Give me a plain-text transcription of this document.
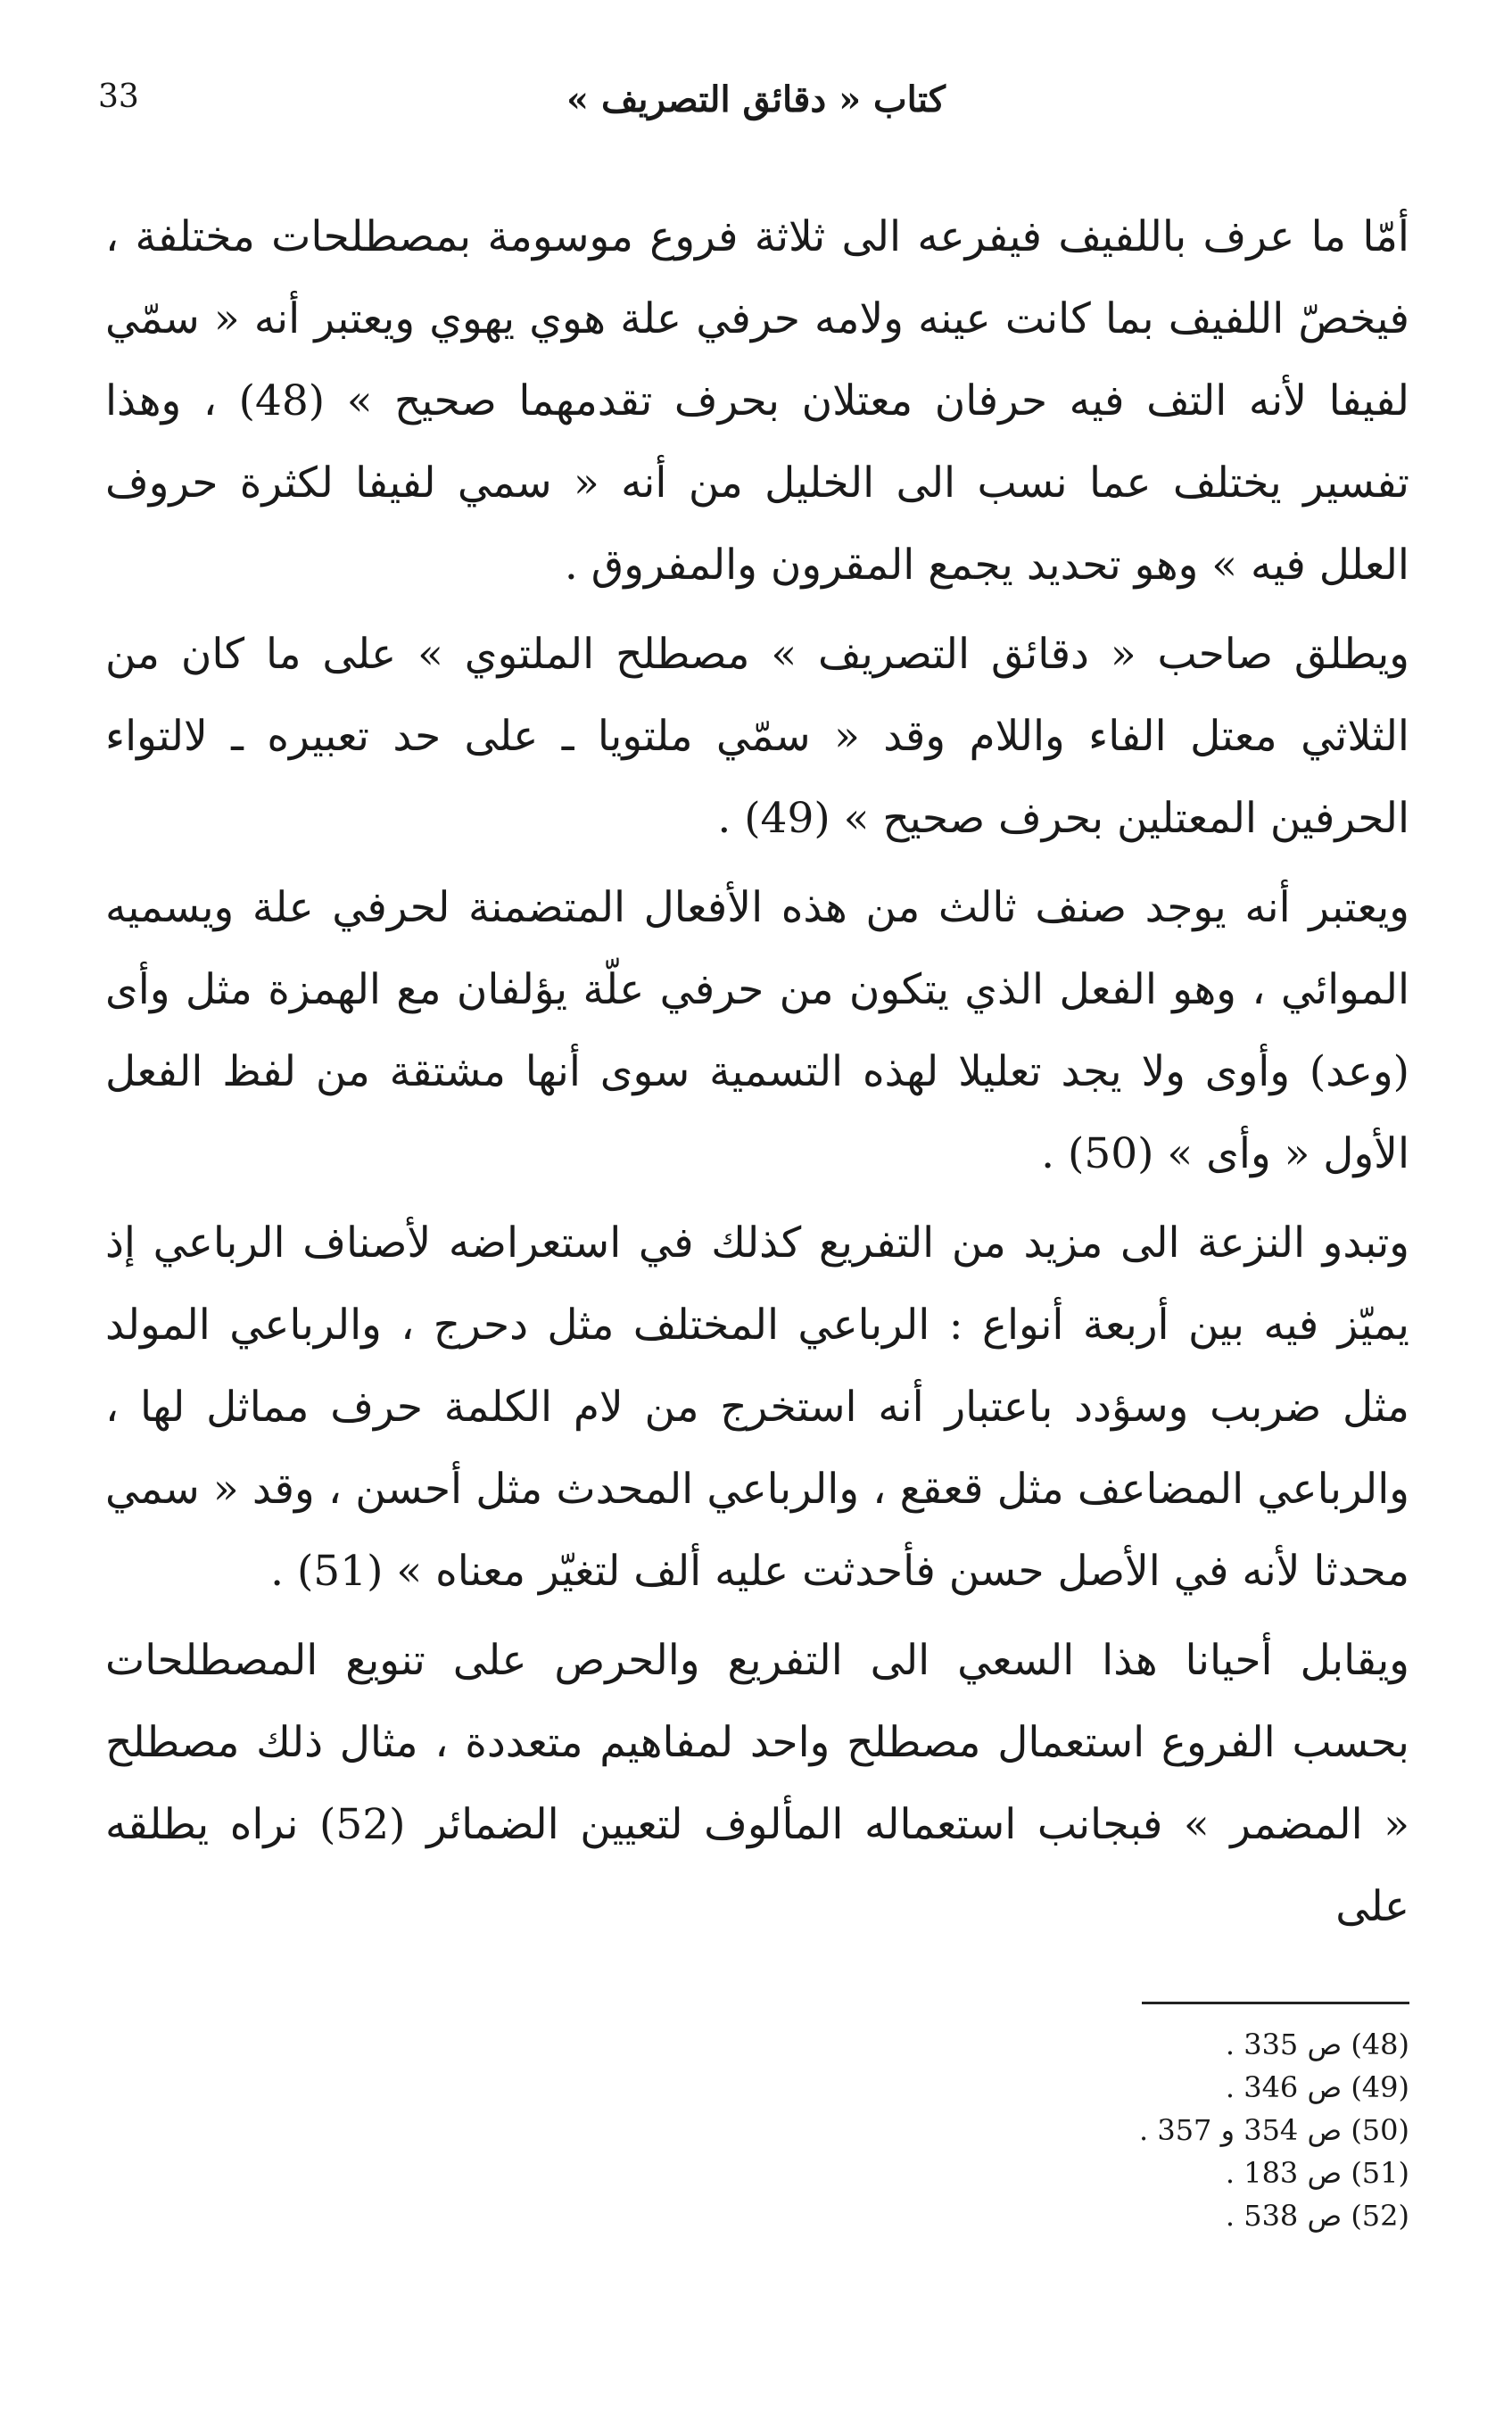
33	كتاب « دقائق التصريف »

أمّا ما عرف باللفيف فيفرعه الى ثلاثة فروع موسومة بمصطلحات مختلفة ، فيخصّ اللفيف بما كانت عينه ولامه حرفي علة هوي يهوي ويعتبر أنه « سمّي لفيفا لأنه التف فيه حرفان معتلان بحرف تقدمهما صحيح » (48) ، وهذا تفسير يختلف عما نسب الى الخليل من أنه « سمي لفيفا لكثرة حروف العلل فيه » وهو تحديد يجمع المقرون والمفروق .

ويطلق صاحب « دقائق التصريف » مصطلح الملتوي » على ما كان من الثلاثي معتل الفاء واللام وقد « سمّي ملتويا ـ على حد تعبيره ـ لالتواء الحرفين المعتلين بحرف صحيح » (49) .

ويعتبر أنه يوجد صنف ثالث من هذه الأفعال المتضمنة لحرفي علة ويسميه الموائي ، وهو الفعل الذي يتكون من حرفي علّة يؤلفان مع الهمزة مثل وأى (وعد) وأوى ولا يجد تعليلا لهذه التسمية سوى أنها مشتقة من لفظ الفعل الأول « وأى » (50) .

وتبدو النزعة الى مزيد من التفريع كذلك في استعراضه لأصناف الرباعي إذ يميّز فيه بين أربعة أنواع : الرباعي المختلف مثل دحرج ، والرباعي المولد مثل ضربب وسؤدد باعتبار أنه استخرج من لام الكلمة حرف مماثل لها ، والرباعي المضاعف مثل قعقع ، والرباعي المحدث مثل أحسن ، وقد « سمي محدثا لأنه في الأصل حسن فأحدثت عليه ألف لتغيّر معناه » (51) .

ويقابل أحيانا هذا السعي الى التفريع والحرص على تنويع المصطلحات بحسب الفروع استعمال مصطلح واحد لمفاهيم متعددة ، مثال ذلك مصطلح « المضمر » فبجانب استعماله المألوف لتعيين الضمائر (52) نراه يطلقه على

(48) ص 335 .
(49) ص 346 .
(50) ص 354 و 357 .
(51) ص 183 .
(52) ص 538 .
